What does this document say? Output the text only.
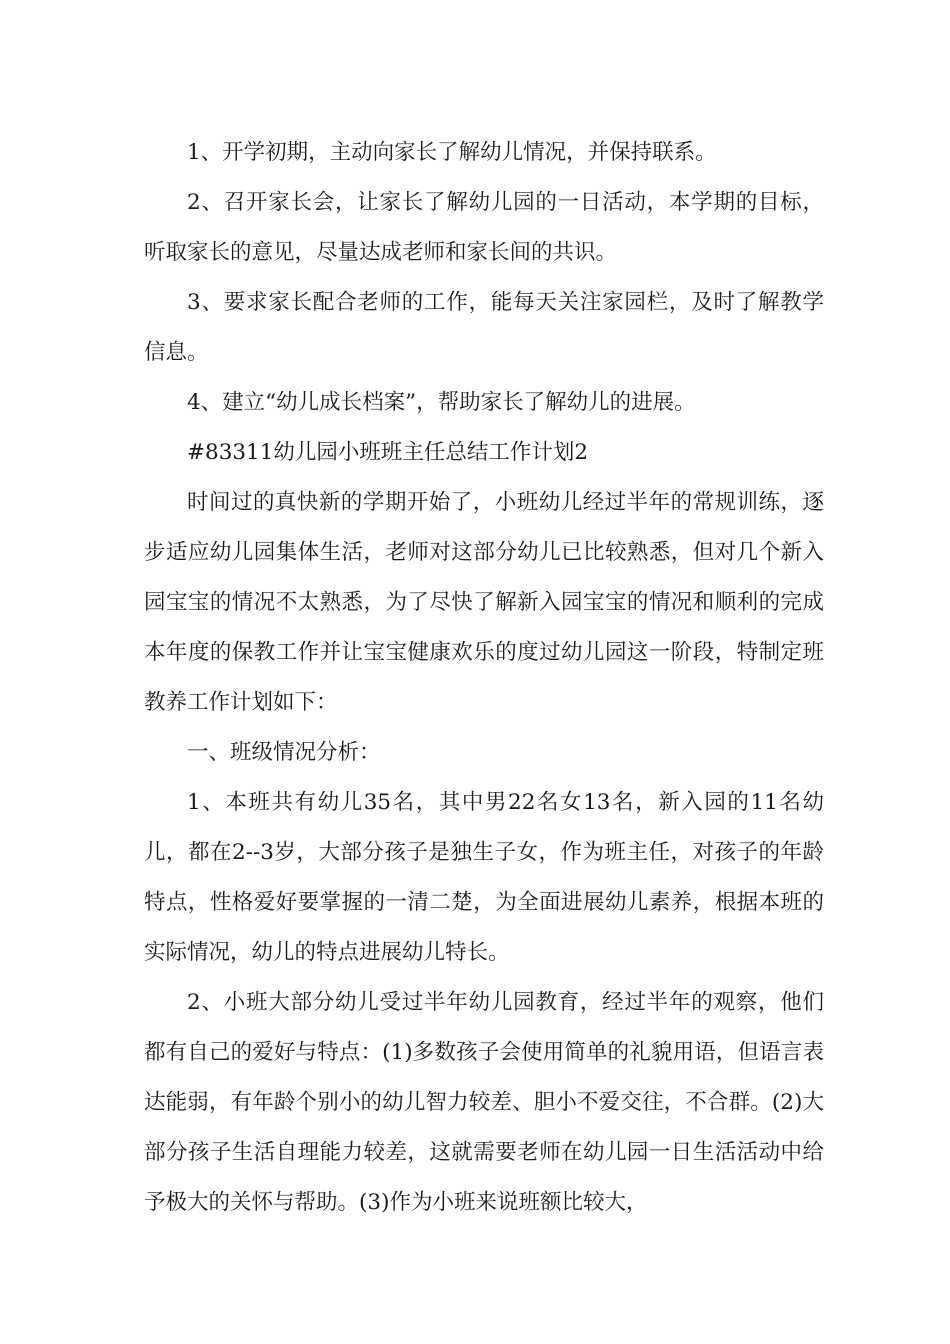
1、开学初期，主动向家长了解幼儿情况，并保持联系。

2、召开家长会，让家长了解幼儿园的一日活动，本学期的目标，听取家长的意见，尽量达成老师和家长间的共识。

3、要求家长配合老师的工作，能每天关注家园栏，及时了解教学信息。

4、建立“幼儿成长档案”，帮助家长了解幼儿的进展。

#83311幼儿园小班班主任总结工作计划2

时间过的真快新的学期开始了，小班幼儿经过半年的常规训练，逐步适应幼儿园集体生活，老师对这部分幼儿已比较熟悉，但对几个新入园宝宝的情况不太熟悉，为了尽快了解新入园宝宝的情况和顺利的完成本年度的保教工作并让宝宝健康欢乐的度过幼儿园这一阶段，特制定班教养工作计划如下：

一、班级情况分析：

1、本班共有幼儿35名，其中男22名女13名，新入园的11名幼儿，都在2--3岁，大部分孩子是独生子女，作为班主任，对孩子的年龄特点，性格爱好要掌握的一清二楚，为全面进展幼儿素养，根据本班的实际情况，幼儿的特点进展幼儿特长。

2、小班大部分幼儿受过半年幼儿园教育，经过半年的观察，他们都有自己的爱好与特点：(1)多数孩子会使用简单的礼貌用语，但语言表达能弱，有年龄个别小的幼儿智力较差、胆小不爱交往，不合群。(2)大部分孩子生活自理能力较差，这就需要老师在幼儿园一日生活活动中给予极大的关怀与帮助。(3)作为小班来说班额比较大，
